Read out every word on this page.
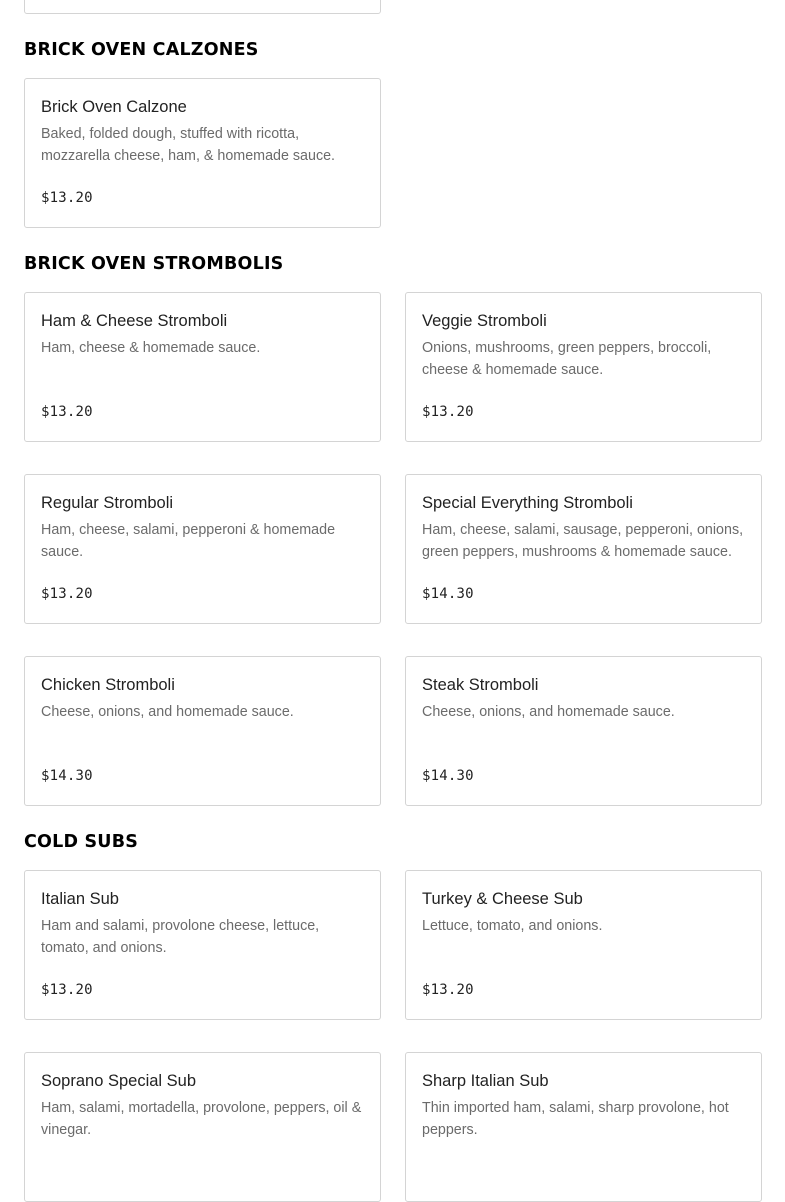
BRICK OVEN CALZONES
Brick Oven Calzone
Baked, folded dough, stuffed with ricotta, mozzarella cheese, ham, & homemade sauce.
$13.20
BRICK OVEN STROMBOLIS
Ham & Cheese Stromboli
Ham, cheese & homemade sauce.
$13.20
Veggie Stromboli
Onions, mushrooms, green peppers, broccoli, cheese & homemade sauce.
$13.20
Regular Stromboli
Ham, cheese, salami, pepperoni & homemade sauce.
$13.20
Special Everything Stromboli
Ham, cheese, salami, sausage, pepperoni, onions, green peppers, mushrooms & homemade sauce.
$14.30
Chicken Stromboli
Cheese, onions, and homemade sauce.
$14.30
Steak Stromboli
Cheese, onions, and homemade sauce.
$14.30
COLD SUBS
Italian Sub
Ham and salami, provolone cheese, lettuce, tomato, and onions.
$13.20
Turkey & Cheese Sub
Lettuce, tomato, and onions.
$13.20
Soprano Special Sub
Ham, salami, mortadella, provolone, peppers, oil & vinegar.
Sharp Italian Sub
Thin imported ham, salami, sharp provolone, hot peppers.
